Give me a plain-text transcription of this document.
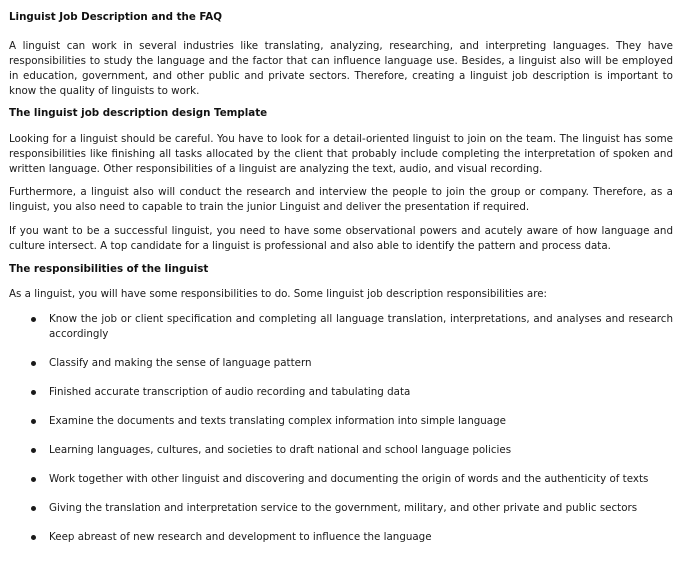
Linguist Job Description and the FAQ

A linguist can work in several industries like translating, analyzing, researching, and interpreting languages. They have responsibilities to study the language and the factor that can influence language use. Besides, a linguist also will be employed in education, government, and other public and private sectors. Therefore, creating a linguist job description is important to know the quality of linguists to work.

The linguist job description design Template

Looking for a linguist should be careful. You have to look for a detail-oriented linguist to join on the team. The linguist has some responsibilities like finishing all tasks allocated by the client that probably include completing the interpretation of spoken and written language. Other responsibilities of a linguist are analyzing the text, audio, and visual recording.

Furthermore, a linguist also will conduct the research and interview the people to join the group or company. Therefore, as a linguist, you also need to capable to train the junior Linguist and deliver the presentation if required.

If you want to be a successful linguist, you need to have some observational powers and acutely aware of how language and culture intersect. A top candidate for a linguist is professional and also able to identify the pattern and process data.

The responsibilities of the linguist

As a linguist, you will have some responsibilities to do. Some linguist job description responsibilities are:

Know the job or client specification and completing all language translation, interpretations, and analyses and research accordingly
Classify and making the sense of language pattern
Finished accurate transcription of audio recording and tabulating data
Examine the documents and texts translating complex information into simple language
Learning languages, cultures, and societies to draft national and school language policies
Work together with other linguist and discovering and documenting the origin of words and the authenticity of texts
Giving the translation and interpretation service to the government, military, and other private and public sectors
Keep abreast of new research and development to influence the language
